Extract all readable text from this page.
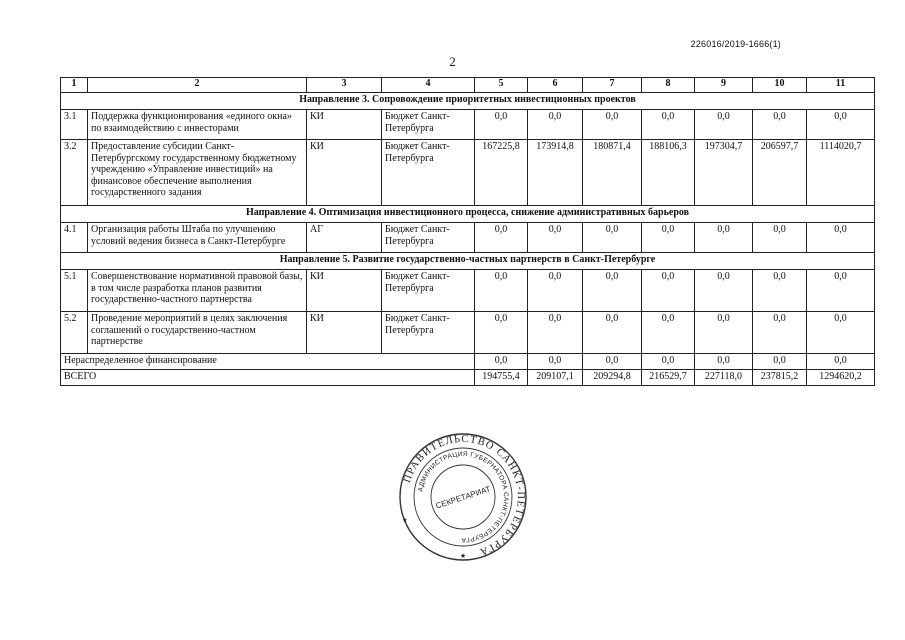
226016/2019-1666(1)
2
1	2	3	4	5	6	7	8	9	10	11
Направление 3. Сопровождение приоритетных инвестиционных проектов										
3.1	Поддержка функционирования «единого окна» по взаимодействию с инвесторами	КИ	Бюджет Санкт-Петербурга	0,0	0,0	0,0	0,0	0,0	0,0	0,0
3.2	Предоставление субсидии Санкт-Петербургскому государственному бюджетному учреждению «Управление инвестиций» на финансовое обеспечение выполнения государственного задания	КИ	Бюджет Санкт-Петербурга	167225,8	173914,8	180871,4	188106,3	197304,7	206597,7	1114020,7
Направление 4. Оптимизация инвестиционного процесса, снижение административных барьеров										
4.1	Организация работы Штаба по улучшению условий ведения бизнеса в Санкт-Петербурге	АГ	Бюджет Санкт-Петербурга	0,0	0,0	0,0	0,0	0,0	0,0	0,0
Направление 5. Развитие государственно-частных партнерств в Санкт-Петербурге										
5.1	Совершенствование нормативной правовой базы, в том числе разработка планов развития государственно-частного партнерства	КИ	Бюджет Санкт-Петербурга	0,0	0,0	0,0	0,0	0,0	0,0	0,0
5.2	Проведение мероприятий в целях заключения соглашений о государственно-частном партнерстве	КИ	Бюджет Санкт-Петербурга	0,0	0,0	0,0	0,0	0,0	0,0	0,0
Нераспределенное финансирование				0,0	0,0	0,0	0,0	0,0	0,0	0,0
ВСЕГО				194755,4	209107,1	209294,8	216529,7	227118,0	237815,2	1294620,2
ПРАВИТЕЛЬСТВО САНКТ-ПЕТЕРБУРГА
АДМИНИСТРАЦИЯ ГУБЕРНАТОРА САНКТ-ПЕТЕРБУРГА
СЕКРЕТАРИАТ
★
★
